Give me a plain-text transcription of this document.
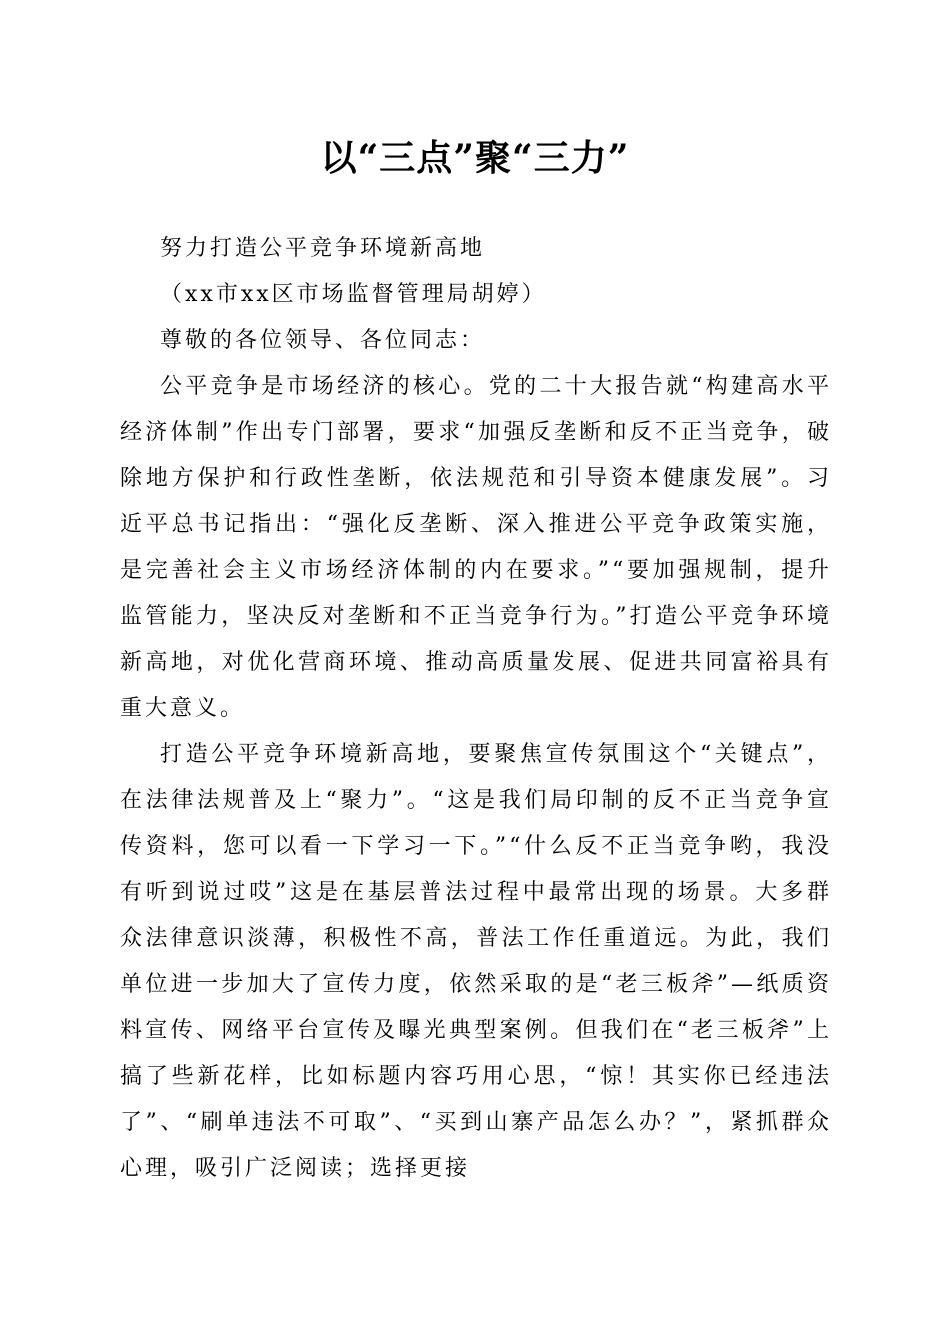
以“三点”聚“三力”

努力打造公平竞争环境新高地

（xx市xx区市场监督管理局胡婷）

尊敬的各位领导、各位同志：

公平竞争是市场经济的核心。党的二十大报告就“构建高水平经济体制”作出专门部署，要求“加强反垄断和反不正当竞争，破除地方保护和行政性垄断，依法规范和引导资本健康发展”。习近平总书记指出：“强化反垄断、深入推进公平竞争政策实施，是完善社会主义市场经济体制的内在要求。”“要加强规制，提升监管能力，坚决反对垄断和不正当竞争行为。”打造公平竞争环境新高地，对优化营商环境、推动高质量发展、促进共同富裕具有重大意义。

打造公平竞争环境新高地，要聚焦宣传氛围这个“关键点”，在法律法规普及上“聚力”。“这是我们局印制的反不正当竞争宣传资料，您可以看一下学习一下。”“什么反不正当竞争哟，我没有听到说过哎”这是在基层普法过程中最常出现的场景。大多群众法律意识淡薄，积极性不高，普法工作任重道远。为此，我们单位进一步加大了宣传力度，依然采取的是“老三板斧”—纸质资料宣传、网络平台宣传及曝光典型案例。但我们在“老三板斧”上搞了些新花样，比如标题内容巧用心思，“惊！其实你已经违法了”、“刷单违法不可取”、“买到山寨产品怎么办？”，紧抓群众心理，吸引广泛阅读；选择更接
